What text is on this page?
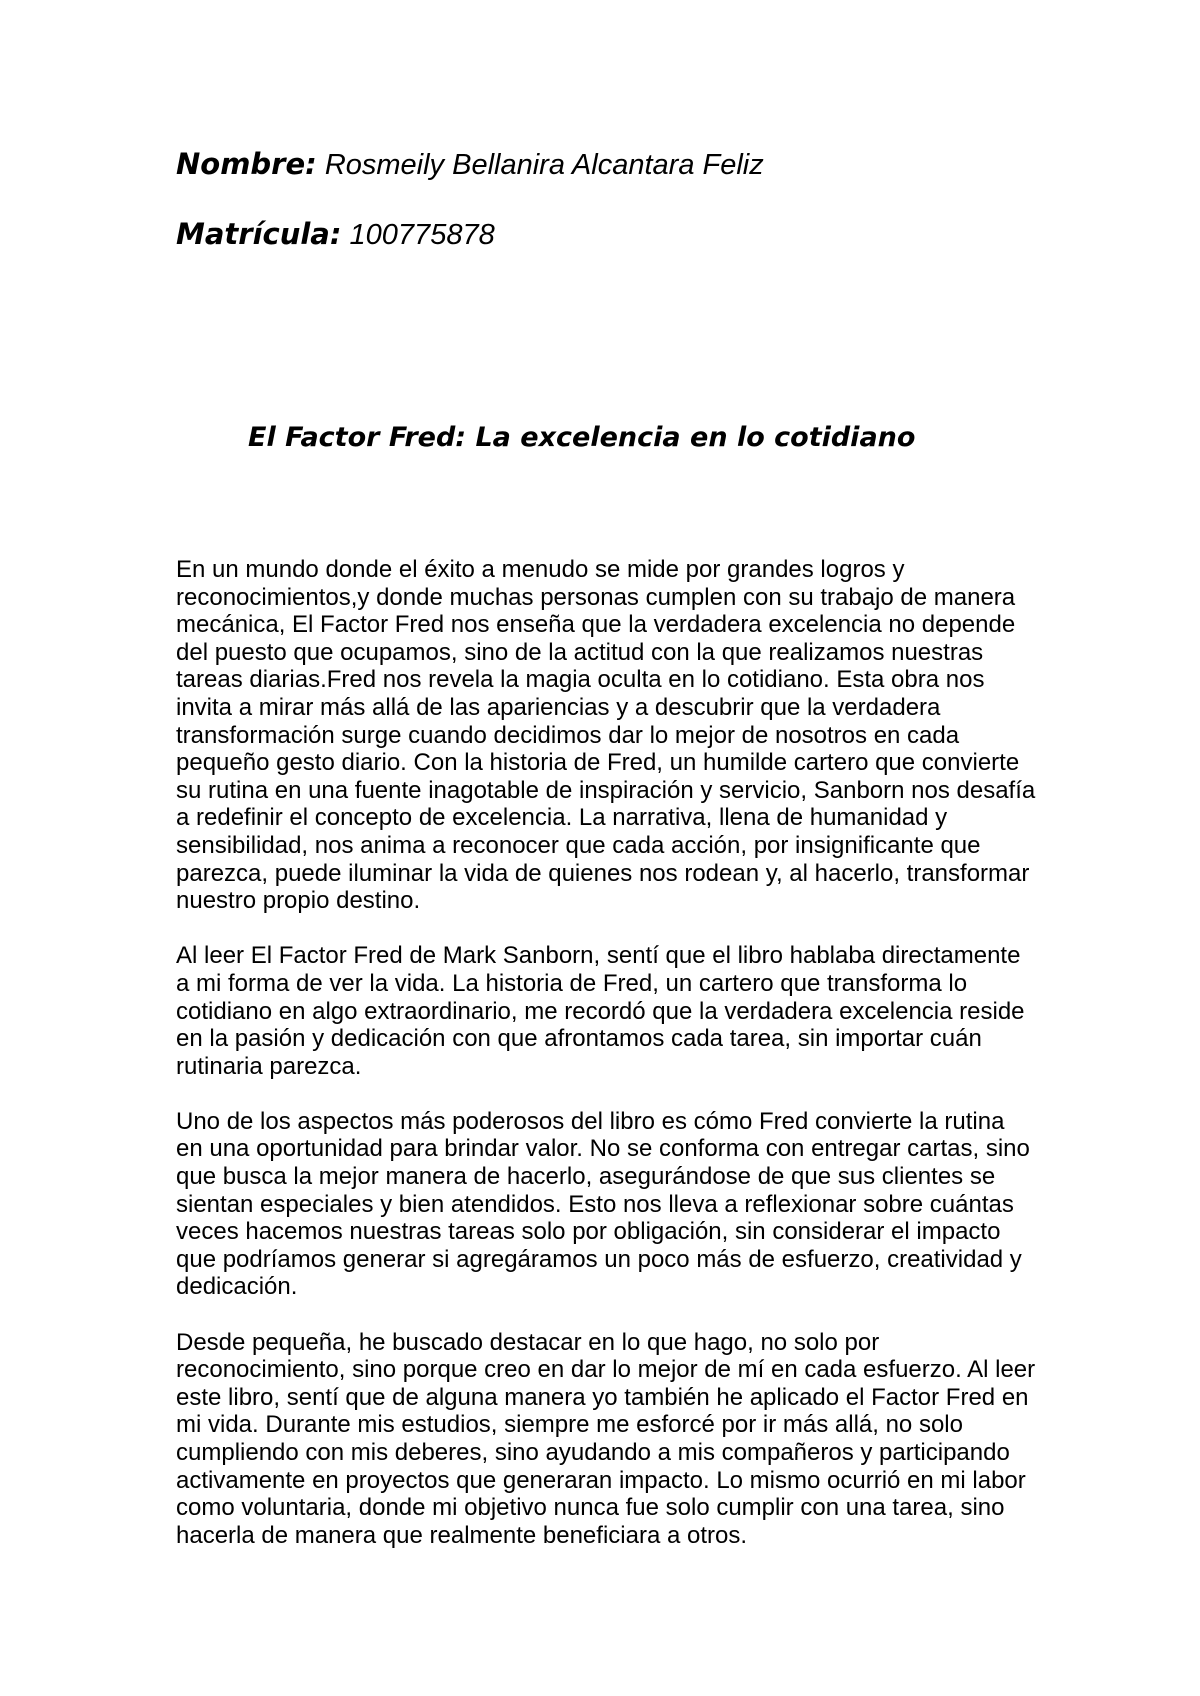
Nombre: Rosmeily Bellanira Alcantara Feliz
Matrícula: 100775878
El Factor Fred: La excelencia en lo cotidiano

En un mundo donde el éxito a menudo se mide por grandes logros y reconocimientos,y donde muchas personas cumplen con su trabajo de manera mecánica, El Factor Fred nos enseña que la verdadera excelencia no depende del puesto que ocupamos, sino de la actitud con la que realizamos nuestras tareas diarias.Fred nos revela la magia oculta en lo cotidiano. Esta obra nos invita a mirar más allá de las apariencias y a descubrir que la verdadera transformación surge cuando decidimos dar lo mejor de nosotros en cada pequeño gesto diario. Con la historia de Fred, un humilde cartero que convierte su rutina en una fuente inagotable de inspiración y servicio, Sanborn nos desafía a redefinir el concepto de excelencia. La narrativa, llena de humanidad y sensibilidad, nos anima a reconocer que cada acción, por insignificante que parezca, puede iluminar la vida de quienes nos rodean y, al hacerlo, transformar nuestro propio destino.

Al leer El Factor Fred de Mark Sanborn, sentí que el libro hablaba directamente a mi forma de ver la vida. La historia de Fred, un cartero que transforma lo cotidiano en algo extraordinario, me recordó que la verdadera excelencia reside en la pasión y dedicación con que afrontamos cada tarea, sin importar cuán rutinaria parezca.

Uno de los aspectos más poderosos del libro es cómo Fred convierte la rutina en una oportunidad para brindar valor. No se conforma con entregar cartas, sino que busca la mejor manera de hacerlo, asegurándose de que sus clientes se sientan especiales y bien atendidos. Esto nos lleva a reflexionar sobre cuántas veces hacemos nuestras tareas solo por obligación, sin considerar el impacto que podríamos generar si agregáramos un poco más de esfuerzo, creatividad y dedicación.

Desde pequeña, he buscado destacar en lo que hago, no solo por reconocimiento, sino porque creo en dar lo mejor de mí en cada esfuerzo. Al leer este libro, sentí que de alguna manera yo también he aplicado el Factor Fred en mi vida. Durante mis estudios, siempre me esforcé por ir más allá, no solo cumpliendo con mis deberes, sino ayudando a mis compañeros y participando activamente en proyectos que generaran impacto. Lo mismo ocurrió en mi labor como voluntaria, donde mi objetivo nunca fue solo cumplir con una tarea, sino hacerla de manera que realmente beneficiara a otros.
